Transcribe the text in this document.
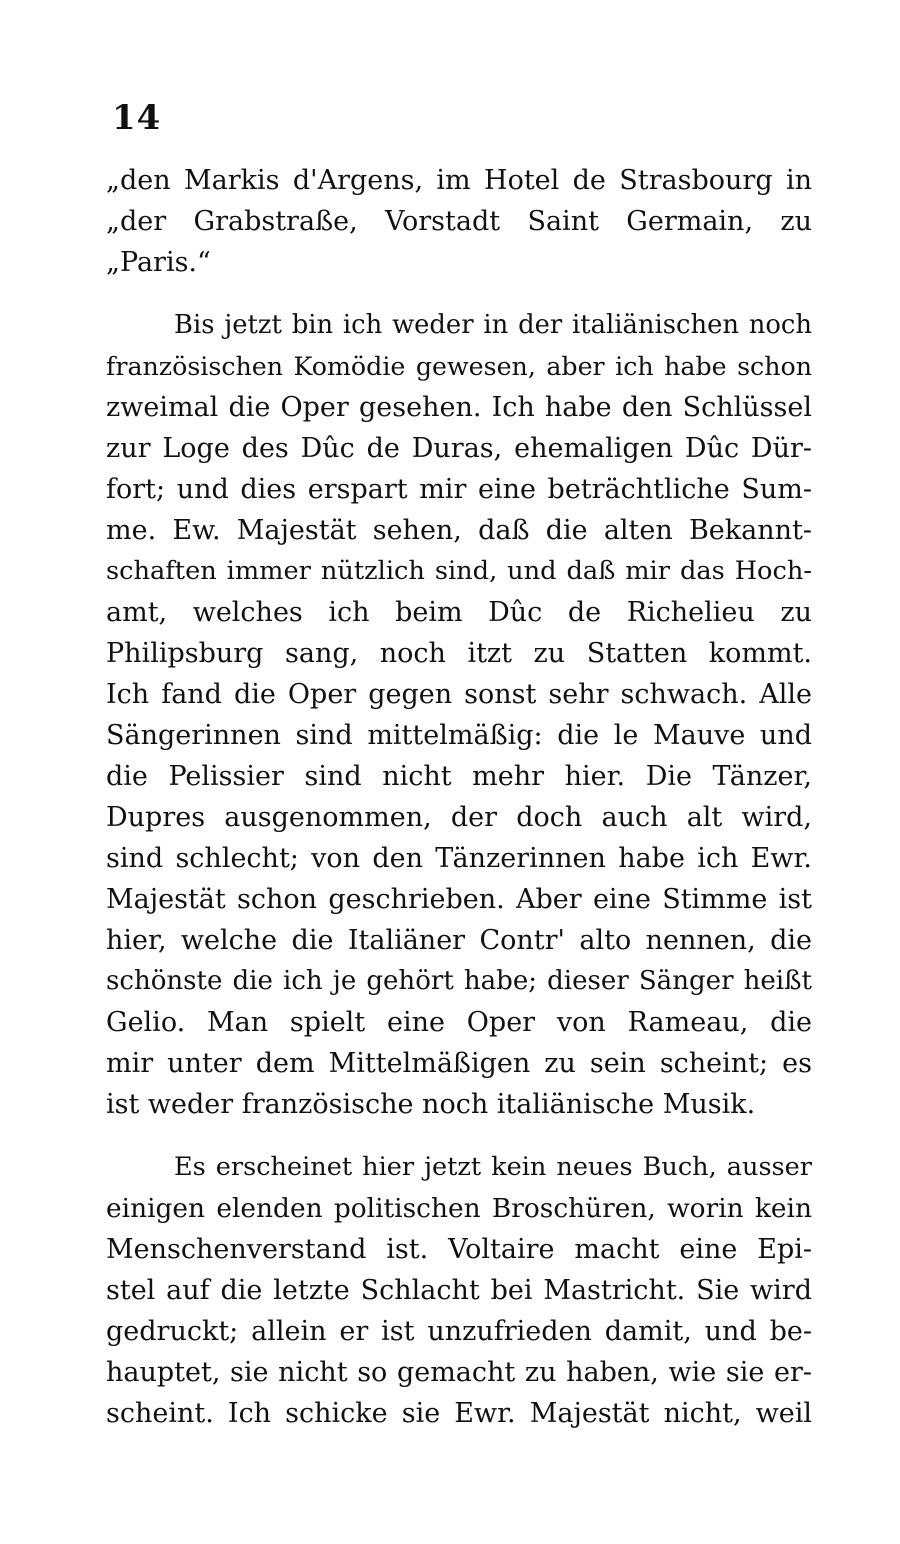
14
„den Markis d'Argens, im Hotel de Strasbourg in
„der Grabstraße, Vorstadt Saint Germain, zu
„Paris.“
Bis jetzt bin ich weder in der italiänischen noch
französischen Komödie gewesen, aber ich habe schon
zweimal die Oper gesehen. Ich habe den Schlüssel
zur Loge des Dûc de Duras, ehemaligen Dûc Dür-
fort; und dies erspart mir eine beträchtliche Sum-
me. Ew. Majestät sehen, daß die alten Bekannt-
schaften immer nützlich sind, und daß mir das Hoch-
amt, welches ich beim Dûc de Richelieu zu
Philipsburg sang, noch itzt zu Statten kommt.
Ich fand die Oper gegen sonst sehr schwach. Alle
Sängerinnen sind mittelmäßig: die le Mauve und
die Pelissier sind nicht mehr hier. Die Tänzer,
Dupres ausgenommen, der doch auch alt wird,
sind schlecht; von den Tänzerinnen habe ich Ewr.
Majestät schon geschrieben. Aber eine Stimme ist
hier, welche die Italiäner Contr' alto nennen, die
schönste die ich je gehört habe; dieser Sänger heißt
Gelio. Man spielt eine Oper von Rameau, die
mir unter dem Mittelmäßigen zu sein scheint; es
ist weder französische noch italiänische Musik.
Es erscheinet hier jetzt kein neues Buch, ausser
einigen elenden politischen Broschüren, worin kein
Menschenverstand ist. Voltaire macht eine Epi-
stel auf die letzte Schlacht bei Mastricht. Sie wird
gedruckt; allein er ist unzufrieden damit, und be-
hauptet, sie nicht so gemacht zu haben, wie sie er-
scheint. Ich schicke sie Ewr. Majestät nicht, weil
